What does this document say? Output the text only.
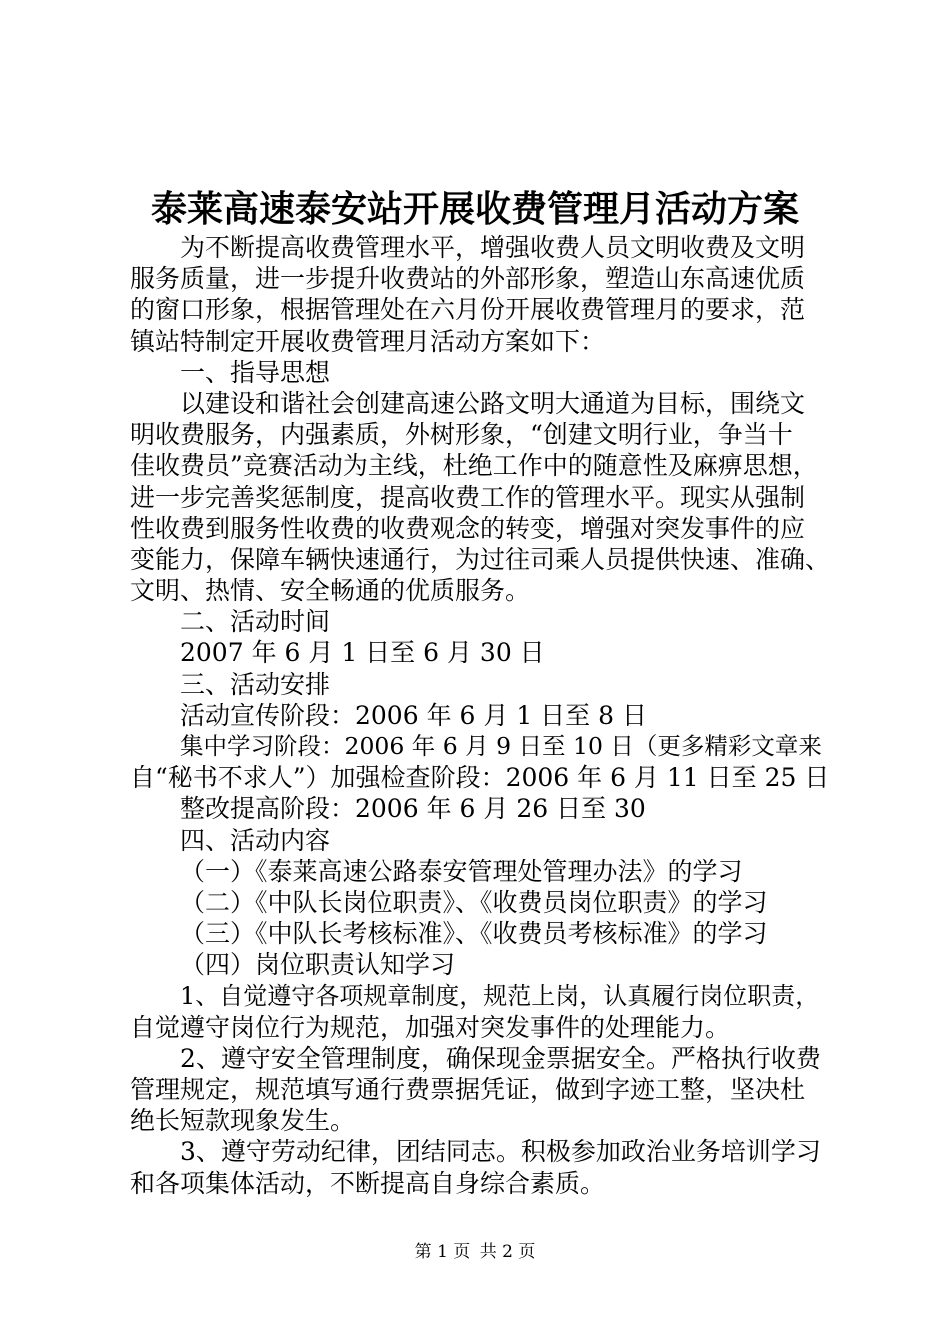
泰莱高速泰安站开展收费管理月活动方案
为不断提高收费管理水平，增强收费人员文明收费及文明
服务质量，进一步提升收费站的外部形象，塑造山东高速优质
的窗口形象，根据管理处在六月份开展收费管理月的要求，范
镇站特制定开展收费管理月活动方案如下：
一、指导思想
以建设和谐社会创建高速公路文明大通道为目标，围绕文
明收费服务，内强素质，外树形象，“创建文明行业，争当十
佳收费员”竞赛活动为主线，杜绝工作中的随意性及麻痹思想，
进一步完善奖惩制度，提高收费工作的管理水平。现实从强制
性收费到服务性收费的收费观念的转变，增强对突发事件的应
变能力，保障车辆快速通行，为过往司乘人员提供快速、准确、
文明、热情、安全畅通的优质服务。
二、活动时间
2007 年 6 月 1 日至 6 月 30 日
三、活动安排
活动宣传阶段：2006 年 6 月 1 日至 8 日
集中学习阶段：2006 年 6 月 9 日至 10 日（更多精彩文章来
自“秘书不求人”）加强检查阶段：2006 年 6 月 11 日至 25 日
整改提高阶段：2006 年 6 月 26 日至 30
四、活动内容
（一）《泰莱高速公路泰安管理处管理办法》的学习
（二）《中队长岗位职责》、《收费员岗位职责》的学习
（三）《中队长考核标准》、《收费员考核标准》的学习
（四）岗位职责认知学习
1、自觉遵守各项规章制度，规范上岗，认真履行岗位职责，
自觉遵守岗位行为规范，加强对突发事件的处理能力。
2、遵守安全管理制度，确保现金票据安全。严格执行收费
管理规定，规范填写通行费票据凭证，做到字迹工整，坚决杜
绝长短款现象发生。
3、遵守劳动纪律，团结同志。积极参加政治业务培训学习
和各项集体活动，不断提高自身综合素质。
第 1 页 共 2 页
